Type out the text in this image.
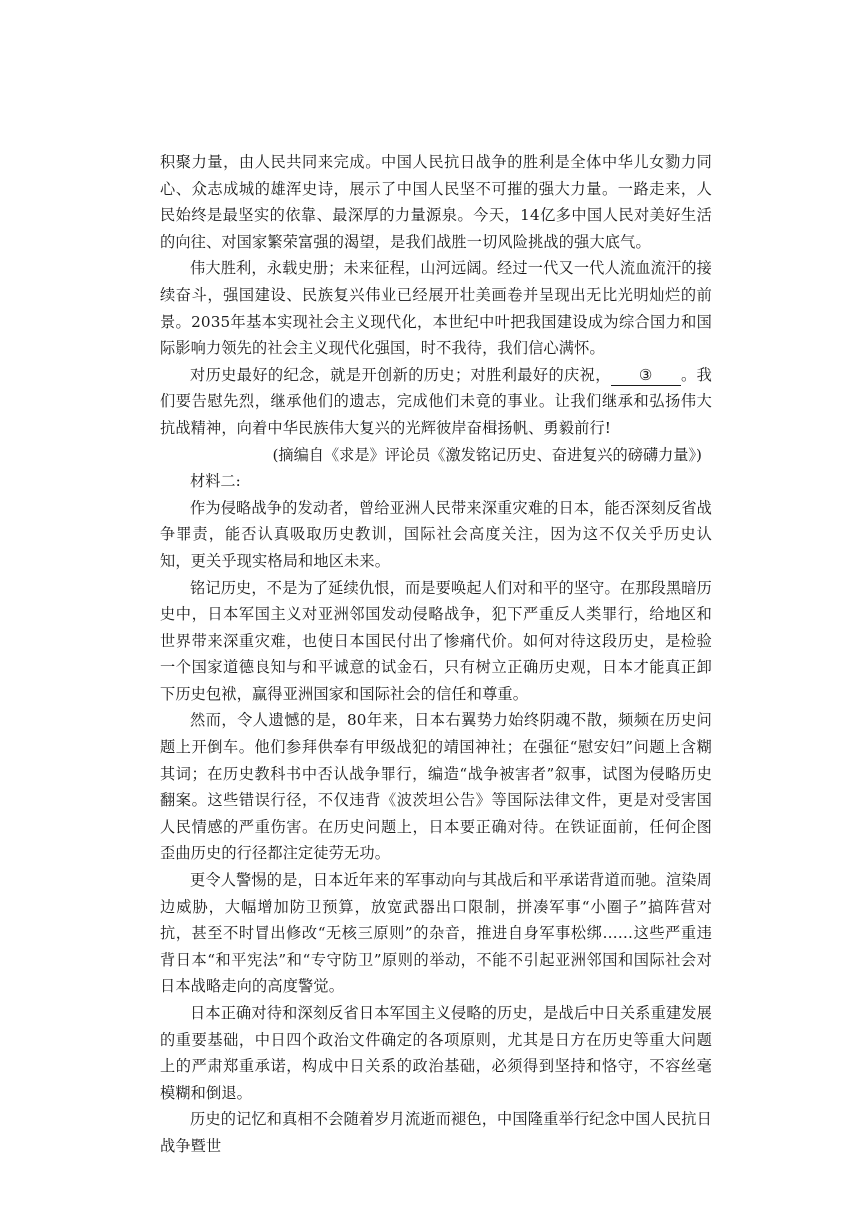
积聚力量，由人民共同来完成。中国人民抗日战争的胜利是全体中华儿女勠力同心、众志成城的雄浑史诗，展示了中国人民坚不可摧的强大力量。一路走来，人民始终是最坚实的依靠、最深厚的力量源泉。今天，14亿多中国人民对美好生活的向往、对国家繁荣富强的渴望，是我们战胜一切风险挑战的强大底气。

伟大胜利，永载史册；未来征程，山河远阔。经过一代又一代人流血流汗的接续奋斗，强国建设、民族复兴伟业已经展开壮美画卷并呈现出无比光明灿烂的前景。2035年基本实现社会主义现代化，本世纪中叶把我国建设成为综合国力和国际影响力领先的社会主义现代化强国，时不我待，我们信心满怀。

对历史最好的纪念，就是开创新的历史；对胜利最好的庆祝， ③ 。我们要告慰先烈，继承他们的遗志，完成他们未竟的事业。让我们继承和弘扬伟大抗战精神，向着中华民族伟大复兴的光辉彼岸奋楫扬帆、勇毅前行!

(摘编自《求是》评论员《激发铭记历史、奋进复兴的磅礴力量》)

材料二:

作为侵略战争的发动者，曾给亚洲人民带来深重灾难的日本，能否深刻反省战争罪责，能否认真吸取历史教训，国际社会高度关注，因为这不仅关乎历史认知，更关乎现实格局和地区未来。

铭记历史，不是为了延续仇恨，而是要唤起人们对和平的坚守。在那段黑暗历史中，日本军国主义对亚洲邻国发动侵略战争，犯下严重反人类罪行，给地区和世界带来深重灾难，也使日本国民付出了惨痛代价。如何对待这段历史，是检验一个国家道德良知与和平诚意的试金石，只有树立正确历史观，日本才能真正卸下历史包袱，赢得亚洲国家和国际社会的信任和尊重。

然而，令人遗憾的是，80年来，日本右翼势力始终阴魂不散，频频在历史问题上开倒车。他们参拜供奉有甲级战犯的靖国神社；在强征“慰安妇”问题上含糊其词；在历史教科书中否认战争罪行，编造“战争被害者”叙事，试图为侵略历史翻案。这些错误行径，不仅违背《波茨坦公告》等国际法律文件，更是对受害国人民情感的严重伤害。在历史问题上，日本要正确对待。在铁证面前，任何企图歪曲历史的行径都注定徒劳无功。

更令人警惕的是，日本近年来的军事动向与其战后和平承诺背道而驰。渲染周边威胁，大幅增加防卫预算，放宽武器出口限制，拼凑军事“小圈子”搞阵营对抗，甚至不时冒出修改“无核三原则”的杂音，推进自身军事松绑……这些严重违背日本“和平宪法”和“专守防卫”原则的举动，不能不引起亚洲邻国和国际社会对日本战略走向的高度警觉。

日本正确对待和深刻反省日本军国主义侵略的历史，是战后中日关系重建发展的重要基础，中日四个政治文件确定的各项原则，尤其是日方在历史等重大问题上的严肃郑重承诺，构成中日关系的政治基础，必须得到坚持和恪守，不容丝毫模糊和倒退。

历史的记忆和真相不会随着岁月流逝而褪色，中国隆重举行纪念中国人民抗日战争暨世
